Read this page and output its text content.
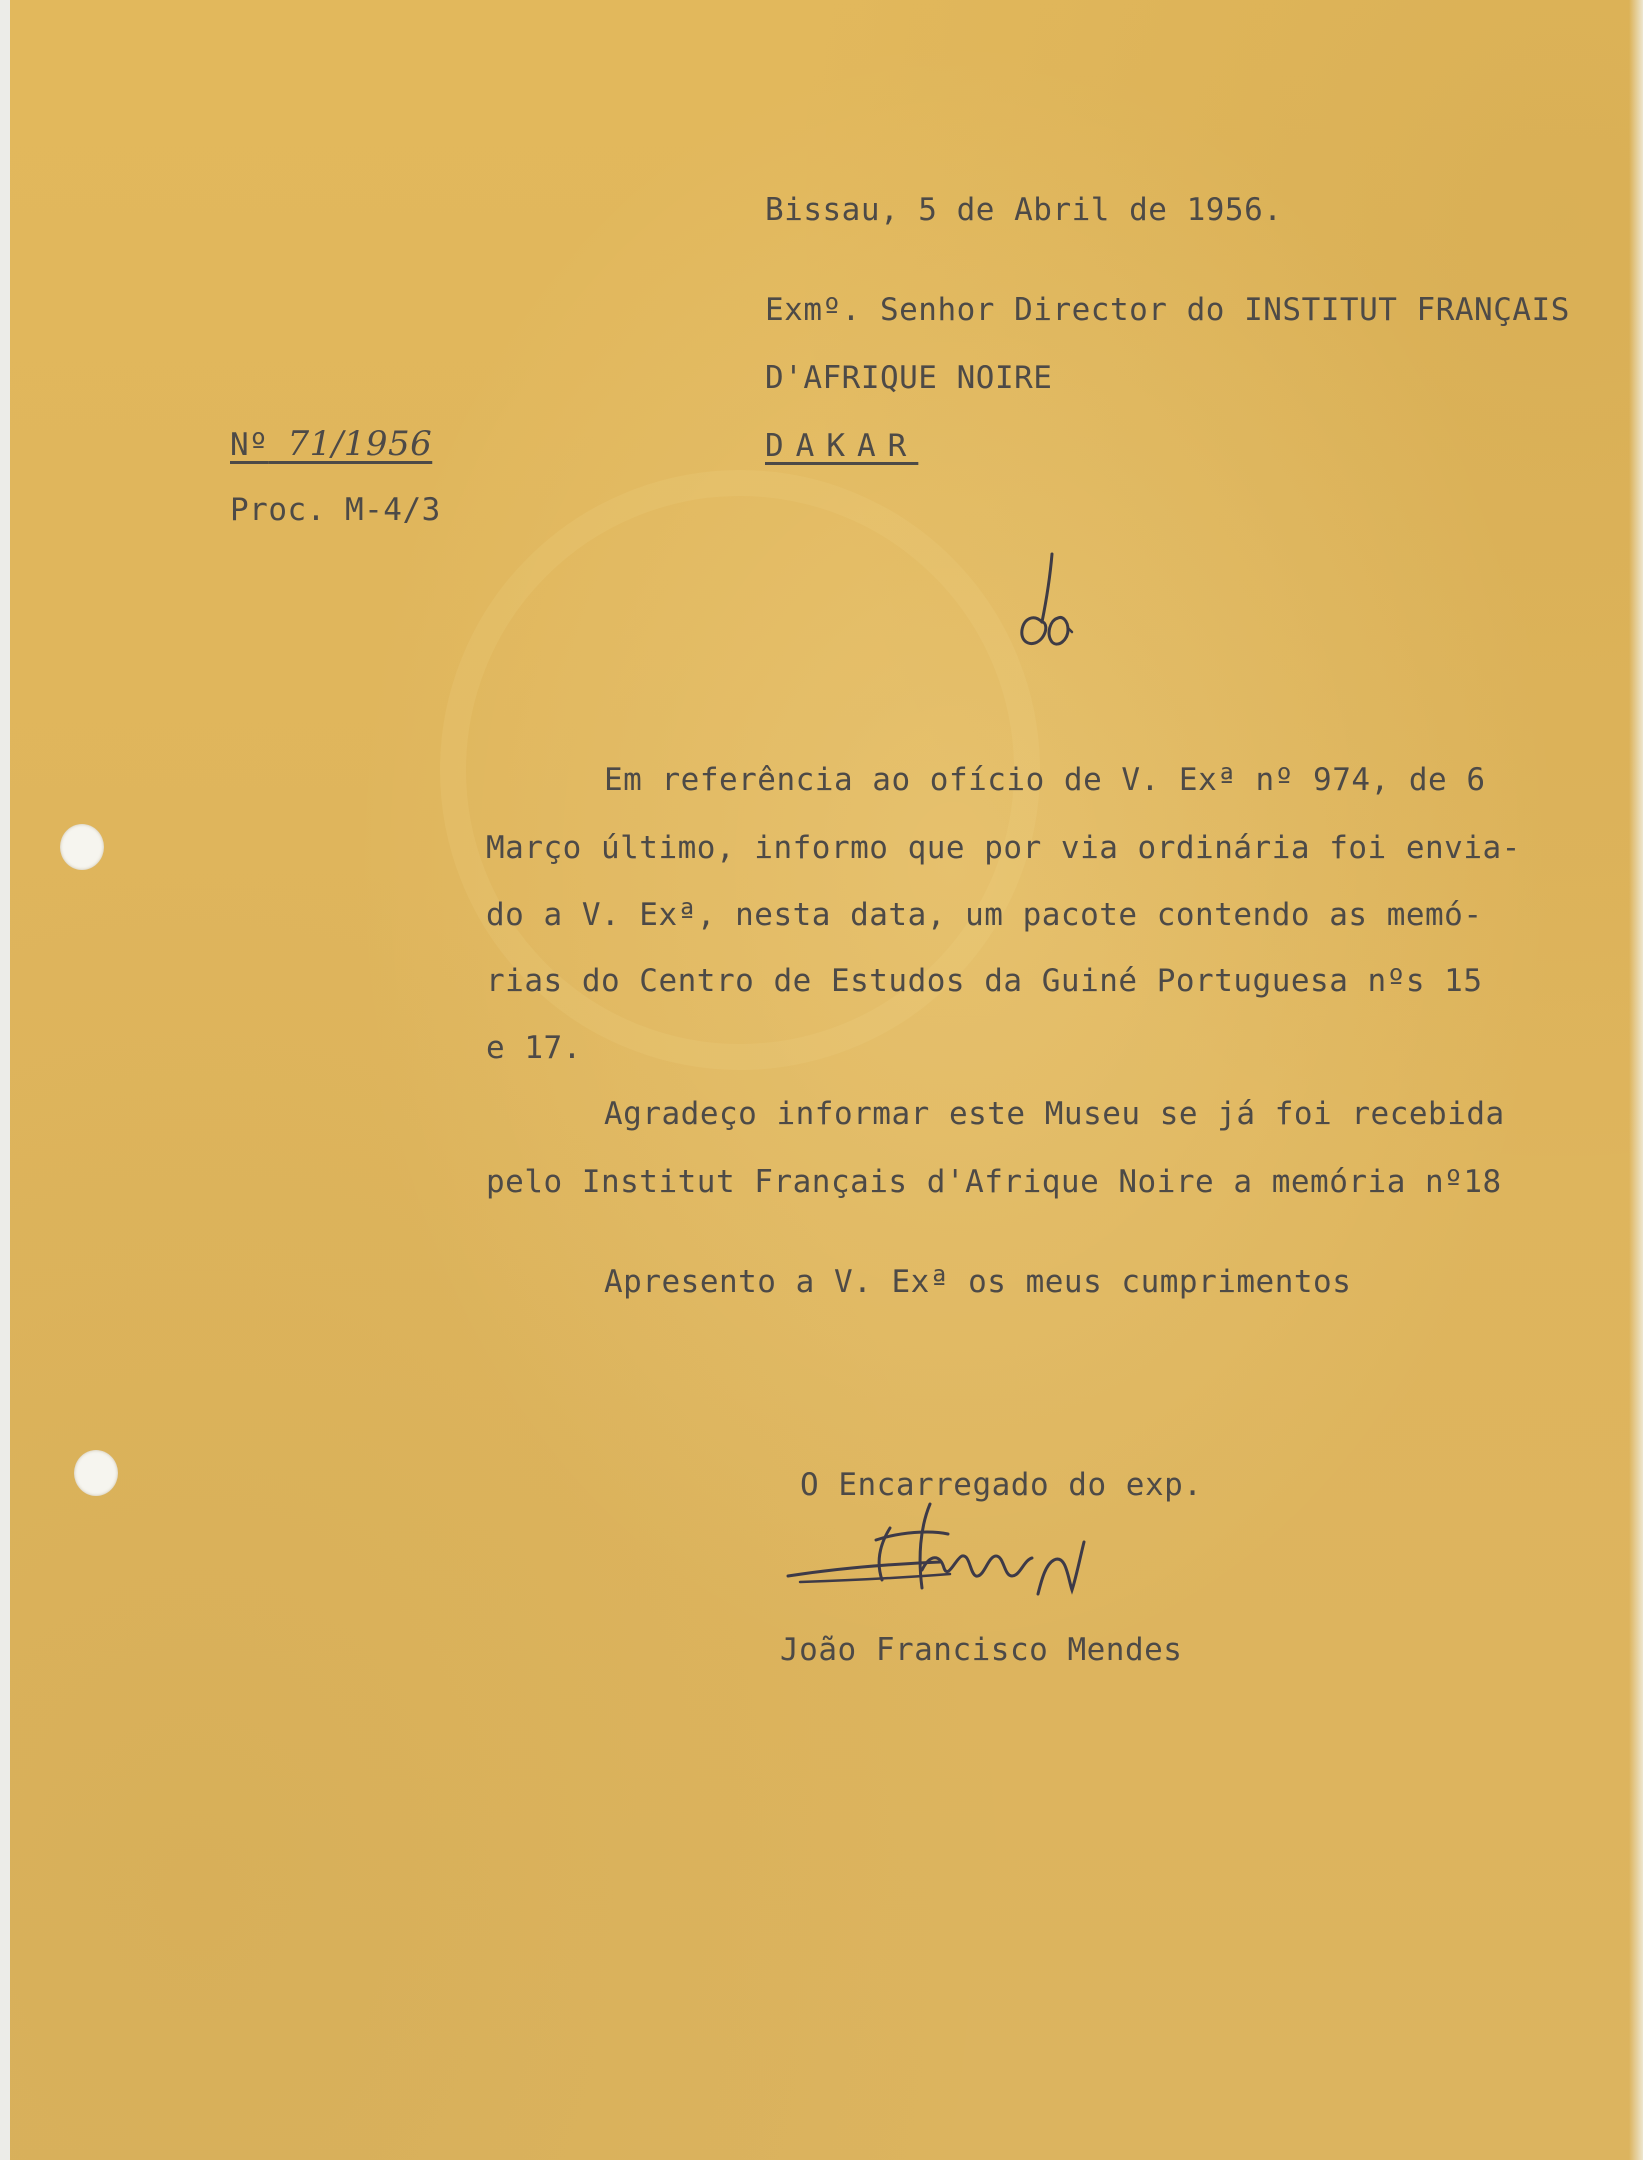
Bissau, 5 de Abril de 1956.

Exmº. Senhor Director do INSTITUT FRANÇAIS

D'AFRIQUE NOIRE

DAKAR

Nº 71/1956

Proc. M-4/3

Em referência ao ofício de V. Exª nº 974, de 6

Março último, informo que por via ordinária foi envia-

do a V. Exª, nesta data, um pacote contendo as memó-

rias do Centro de Estudos da Guiné Portuguesa nºs 15

e 17.

Agradeço informar este Museu se já foi recebida

pelo Institut Français d'Afrique Noire a memória nº18

Apresento a V. Exª os meus cumprimentos

O Encarregado do exp.

João Francisco Mendes
